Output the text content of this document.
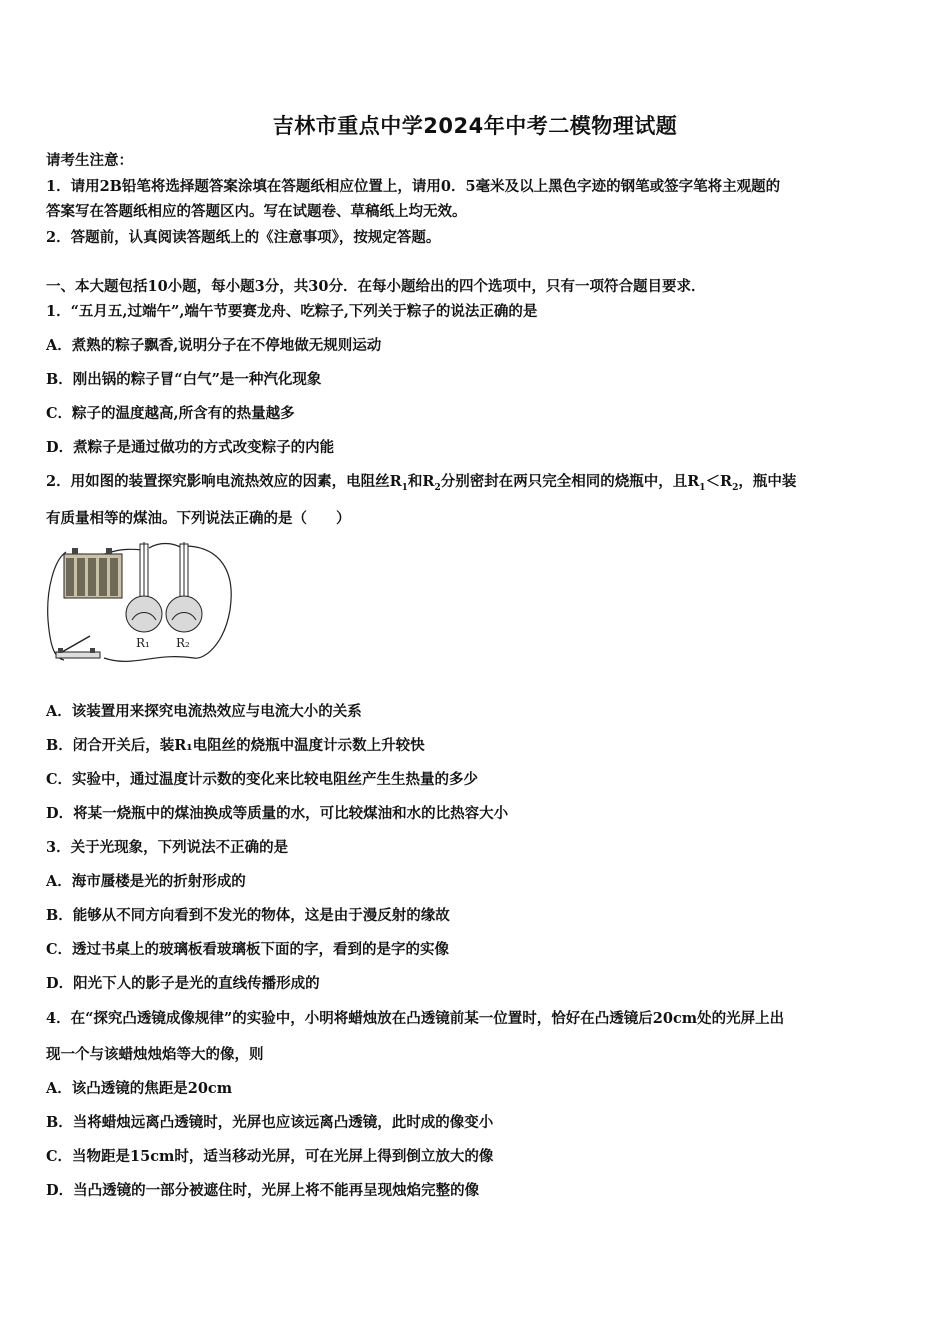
吉林市重点中学2024年中考二模物理试题
请考生注意：
1．请用2B铅笔将选择题答案涂填在答题纸相应位置上，请用0．5毫米及以上黑色字迹的钢笔或签字笔将主观题的
答案写在答题纸相应的答题区内。写在试题卷、草稿纸上均无效。
2．答题前，认真阅读答题纸上的《注意事项》，按规定答题。
一、本大题包括10小题，每小题3分，共30分．在每小题给出的四个选项中，只有一项符合题目要求．
1．“五月五,过端午”,端午节要赛龙舟、吃粽子,下列关于粽子的说法正确的是
A．煮熟的粽子飘香,说明分子在不停地做无规则运动
B．刚出锅的粽子冒“白气”是一种汽化现象
C．粽子的温度越高,所含有的热量越多
D．煮粽子是通过做功的方式改变粽子的内能
2．用如图的装置探究影响电流热效应的因素，电阻丝$R_1$和$R_2$分别密封在两只完全相同的烧瓶中，且$R_1<R_2$，瓶中装
有质量相等的煤油。下列说法正确的是（　　）
R₁ R₂
A．该装置用来探究电流热效应与电流大小的关系
B．闭合开关后，装R₁电阻丝的烧瓶中温度计示数上升较快
C．实验中，通过温度计示数的变化来比较电阻丝产生生热量的多少
D．将某一烧瓶中的煤油换成等质量的水，可比较煤油和水的比热容大小
3．关于光现象，下列说法不正确的是
A．海市蜃楼是光的折射形成的
B．能够从不同方向看到不发光的物体，这是由于漫反射的缘故
C．透过书桌上的玻璃板看玻璃板下面的字，看到的是字的实像
D．阳光下人的影子是光的直线传播形成的
4．在“探究凸透镜成像规律”的实验中，小明将蜡烛放在凸透镜前某一位置时，恰好在凸透镜后20cm处的光屏上出
现一个与该蜡烛烛焰等大的像，则
A．该凸透镜的焦距是20cm
B．当将蜡烛远离凸透镜时，光屏也应该远离凸透镜，此时成的像变小
C．当物距是15cm时，适当移动光屏，可在光屏上得到倒立放大的像
D．当凸透镜的一部分被遮住时，光屏上将不能再呈现烛焰完整的像
